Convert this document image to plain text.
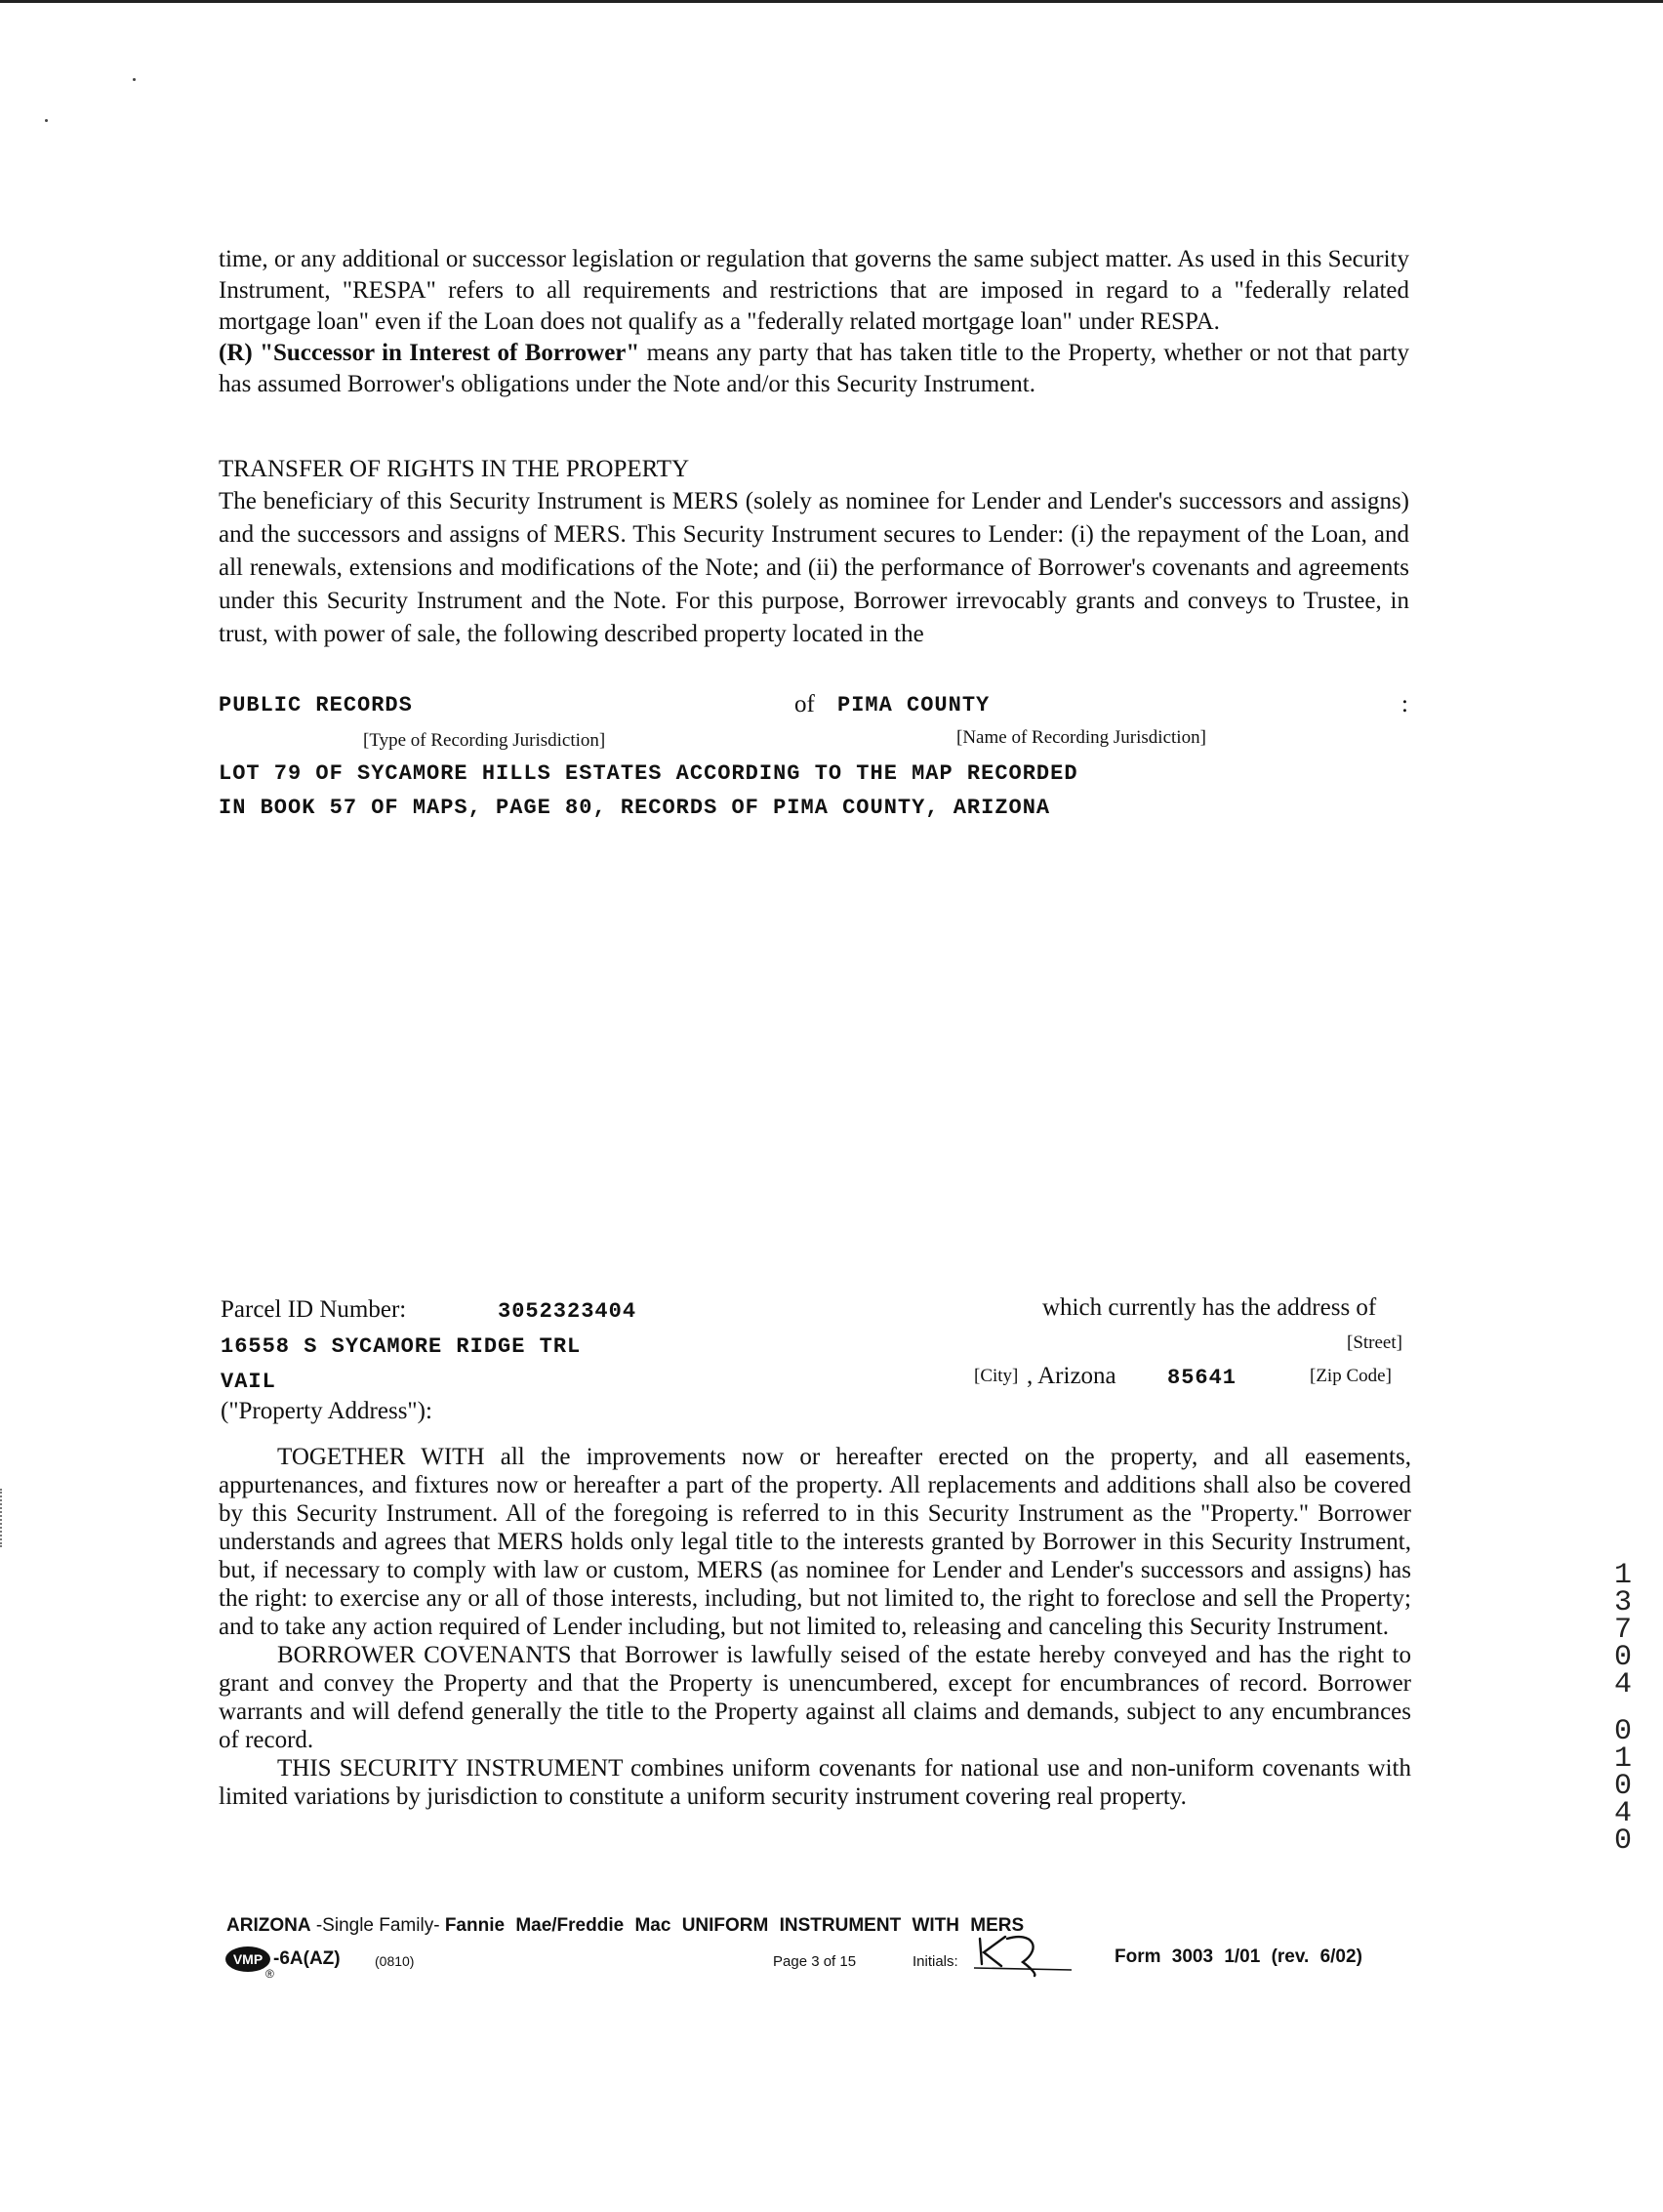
time, or any additional or successor legislation or regulation that governs the same subject matter. As used in this Security Instrument, "RESPA" refers to all requirements and restrictions that are imposed in regard to a "federally related mortgage loan" even if the Loan does not qualify as a "federally related mortgage loan" under RESPA.

(R) "Successor in Interest of Borrower" means any party that has taken title to the Property, whether or not that party has assumed Borrower's obligations under the Note and/or this Security Instrument.

TRANSFER OF RIGHTS IN THE PROPERTY

The beneficiary of this Security Instrument is MERS (solely as nominee for Lender and Lender's successors and assigns) and the successors and assigns of MERS. This Security Instrument secures to Lender: (i) the repayment of the Loan, and all renewals, extensions and modifications of the Note; and (ii) the performance of Borrower's covenants and agreements under this Security Instrument and the Note. For this purpose, Borrower irrevocably grants and conveys to Trustee, in trust, with power of sale, the following described property located in the

PUBLIC RECORDS	of PIMA COUNTY	:
[Type of Recording Jurisdiction]	[Name of Recording Jurisdiction]
LOT 79 OF SYCAMORE HILLS ESTATES ACCORDING TO THE MAP RECORDED
IN BOOK 57 OF MAPS, PAGE 80, RECORDS OF PIMA COUNTY, ARIZONA
Parcel ID Number:	3052323404	which currently has the address of
16558 S SYCAMORE RIDGE TRL	[Street]
VAIL	[City] , Arizona 85641	[Zip Code]
("Property Address"):

TOGETHER WITH all the improvements now or hereafter erected on the property, and all easements, appurtenances, and fixtures now or hereafter a part of the property. All replacements and additions shall also be covered by this Security Instrument. All of the foregoing is referred to in this Security Instrument as the "Property." Borrower understands and agrees that MERS holds only legal title to the interests granted by Borrower in this Security Instrument, but, if necessary to comply with law or custom, MERS (as nominee for Lender and Lender's successors and assigns) has the right: to exercise any or all of those interests, including, but not limited to, the right to foreclose and sell the Property; and to take any action required of Lender including, but not limited to, releasing and canceling this Security Instrument.

BORROWER COVENANTS that Borrower is lawfully seised of the estate hereby conveyed and has the right to grant and convey the Property and that the Property is unencumbered, except for encumbrances of record. Borrower warrants and will defend generally the title to the Property against all claims and demands, subject to any encumbrances of record.

THIS SECURITY INSTRUMENT combines uniform covenants for national use and non-uniform covenants with limited variations by jurisdiction to constitute a uniform security instrument covering real property.

1
3
7
0
4
0
1
0
4
0
ARIZONA -Single Family- Fannie Mae/Freddie Mac UNIFORM INSTRUMENT WITH MERS
VMP
®
-6A(AZ)	(0810)	Page 3 of 15	Initials:	Form 3003 1/01 (rev. 6/02)
